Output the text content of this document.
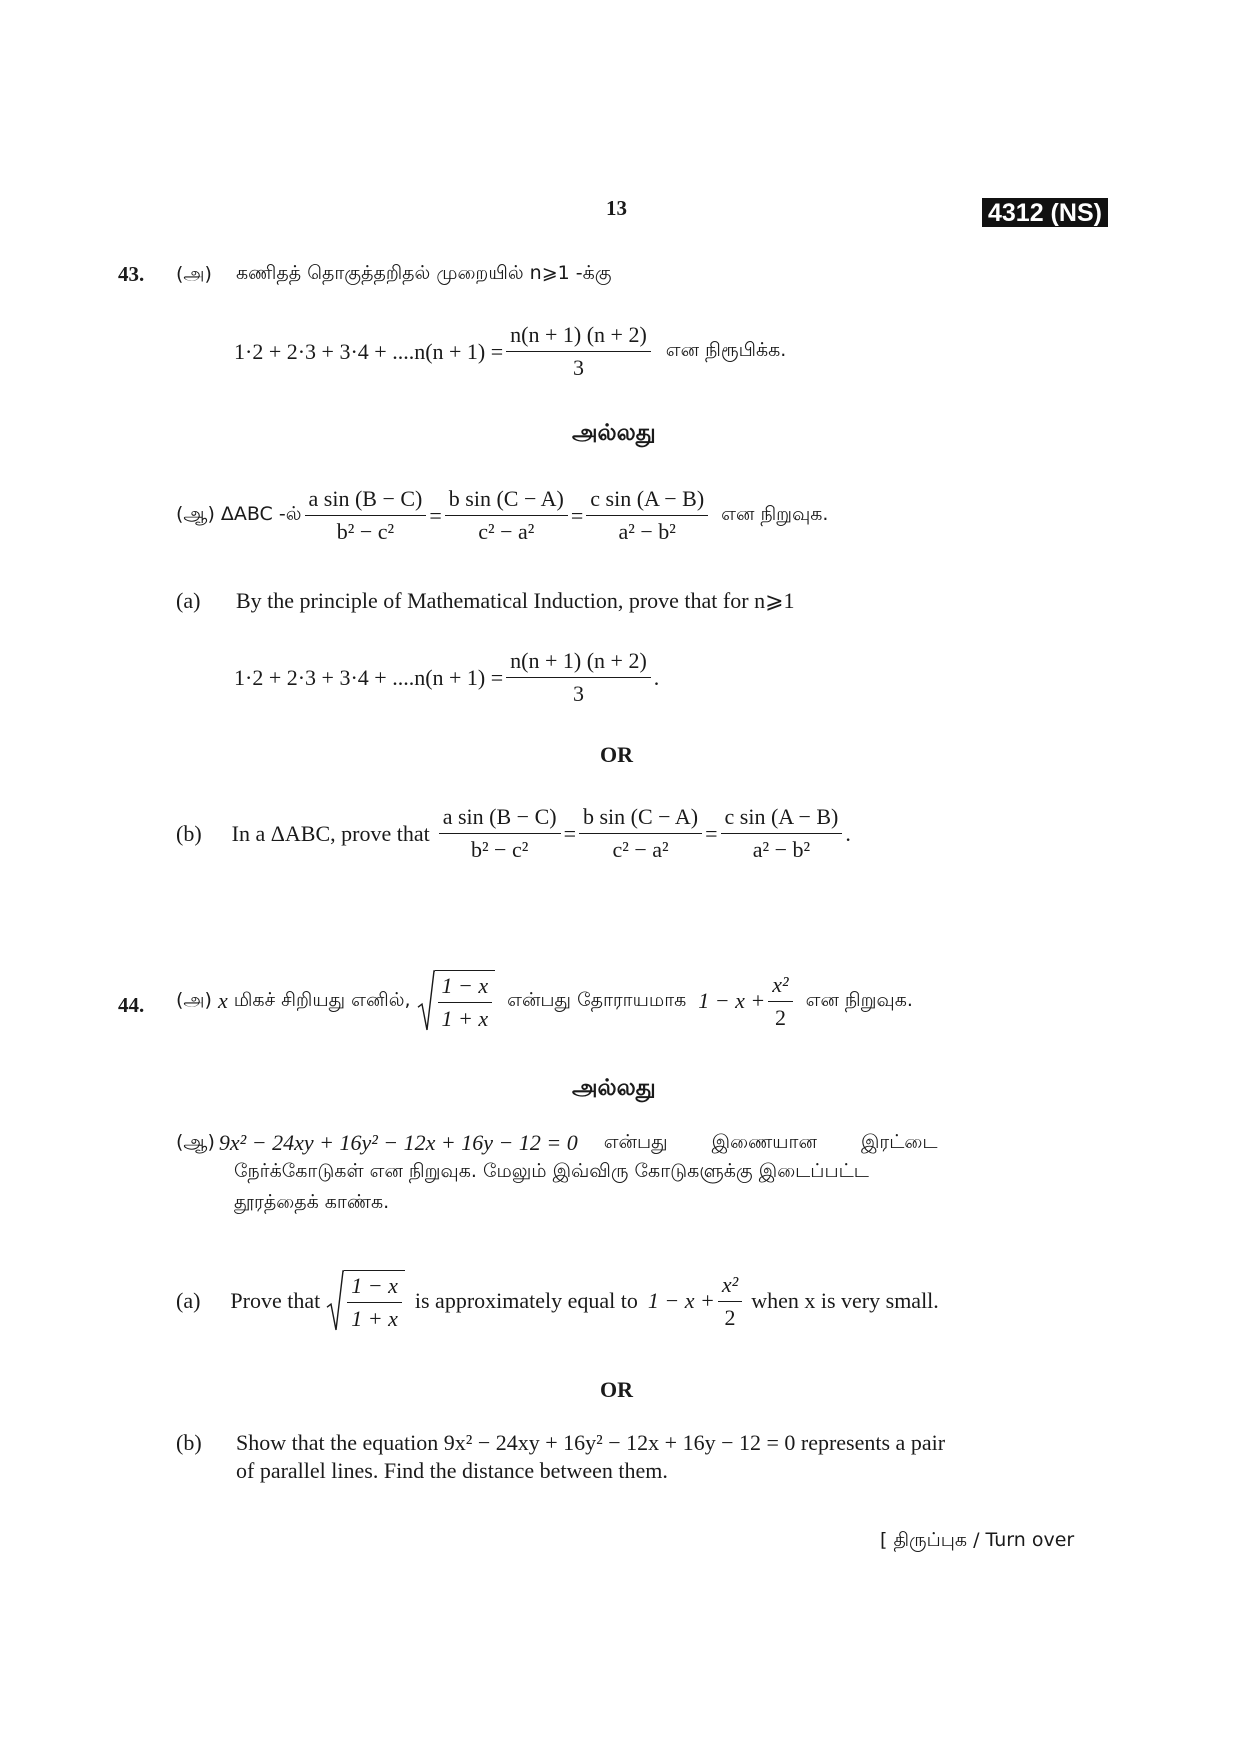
13	4312 (NS)
43. (அ) கணிதத் தொகுத்தறிதல் முறையில் n⩾1 -க்கு
$1\cdot 2 + 2\cdot 3 + 3\cdot 4 + ....n(n + 1) = \frac{n(n + 1) (n + 2)}{3}$ என நிரூபிக்க.
அல்லது
(ஆ) ΔABC -ல் $\frac{\text{a sin (B − C)}}{\text{b² − c²}} = \frac{\text{b sin (C − A)}}{\text{c² − a²}} = \frac{\text{c sin (A − B)}}{\text{a² − b²}}$ என நிறுவுக.
(a) By the principle of Mathematical Induction, prove that for n⩾1
$1\cdot 2 + 2\cdot 3 + 3\cdot 4 + ....n(n + 1) = \frac{n(n + 1) (n + 2)}{3}$ .
OR
(b) In a ΔABC, prove that $\frac{\text{a sin (B − C)}}{\text{b² − c²}} = \frac{\text{b sin (C − A)}}{\text{c² − a²}} = \frac{\text{c sin (A − B)}}{\text{a² − b²}}$ .
44. (அ) x மிகச் சிறியது எனில், $\frac{1 - x}{1 + x}$ என்பது தோராயமாக $1 - x + \frac{\text{x²}}{2}$ என நிறுவுக.
அல்லது
(ஆ) 9x² − 24xy + 16y² − 12x + 16y − 12 = 0 என்பது இணையான இரட்டை
நேர்க்கோடுகள் என நிறுவுக. மேலும் இவ்விரு கோடுகளுக்கு இடைப்பட்ட
தூரத்தைக் காண்க.
(a) Prove that $\frac{1 - x}{1 + x}$ is approximately equal to $1 - x + \frac{\text{x²}}{2}$ when x is very small.
OR
(b) Show that the equation 9x² − 24xy + 16y² − 12x + 16y − 12 = 0 represents a pair
of parallel lines. Find the distance between them.
[ திருப்புக / Turn over
